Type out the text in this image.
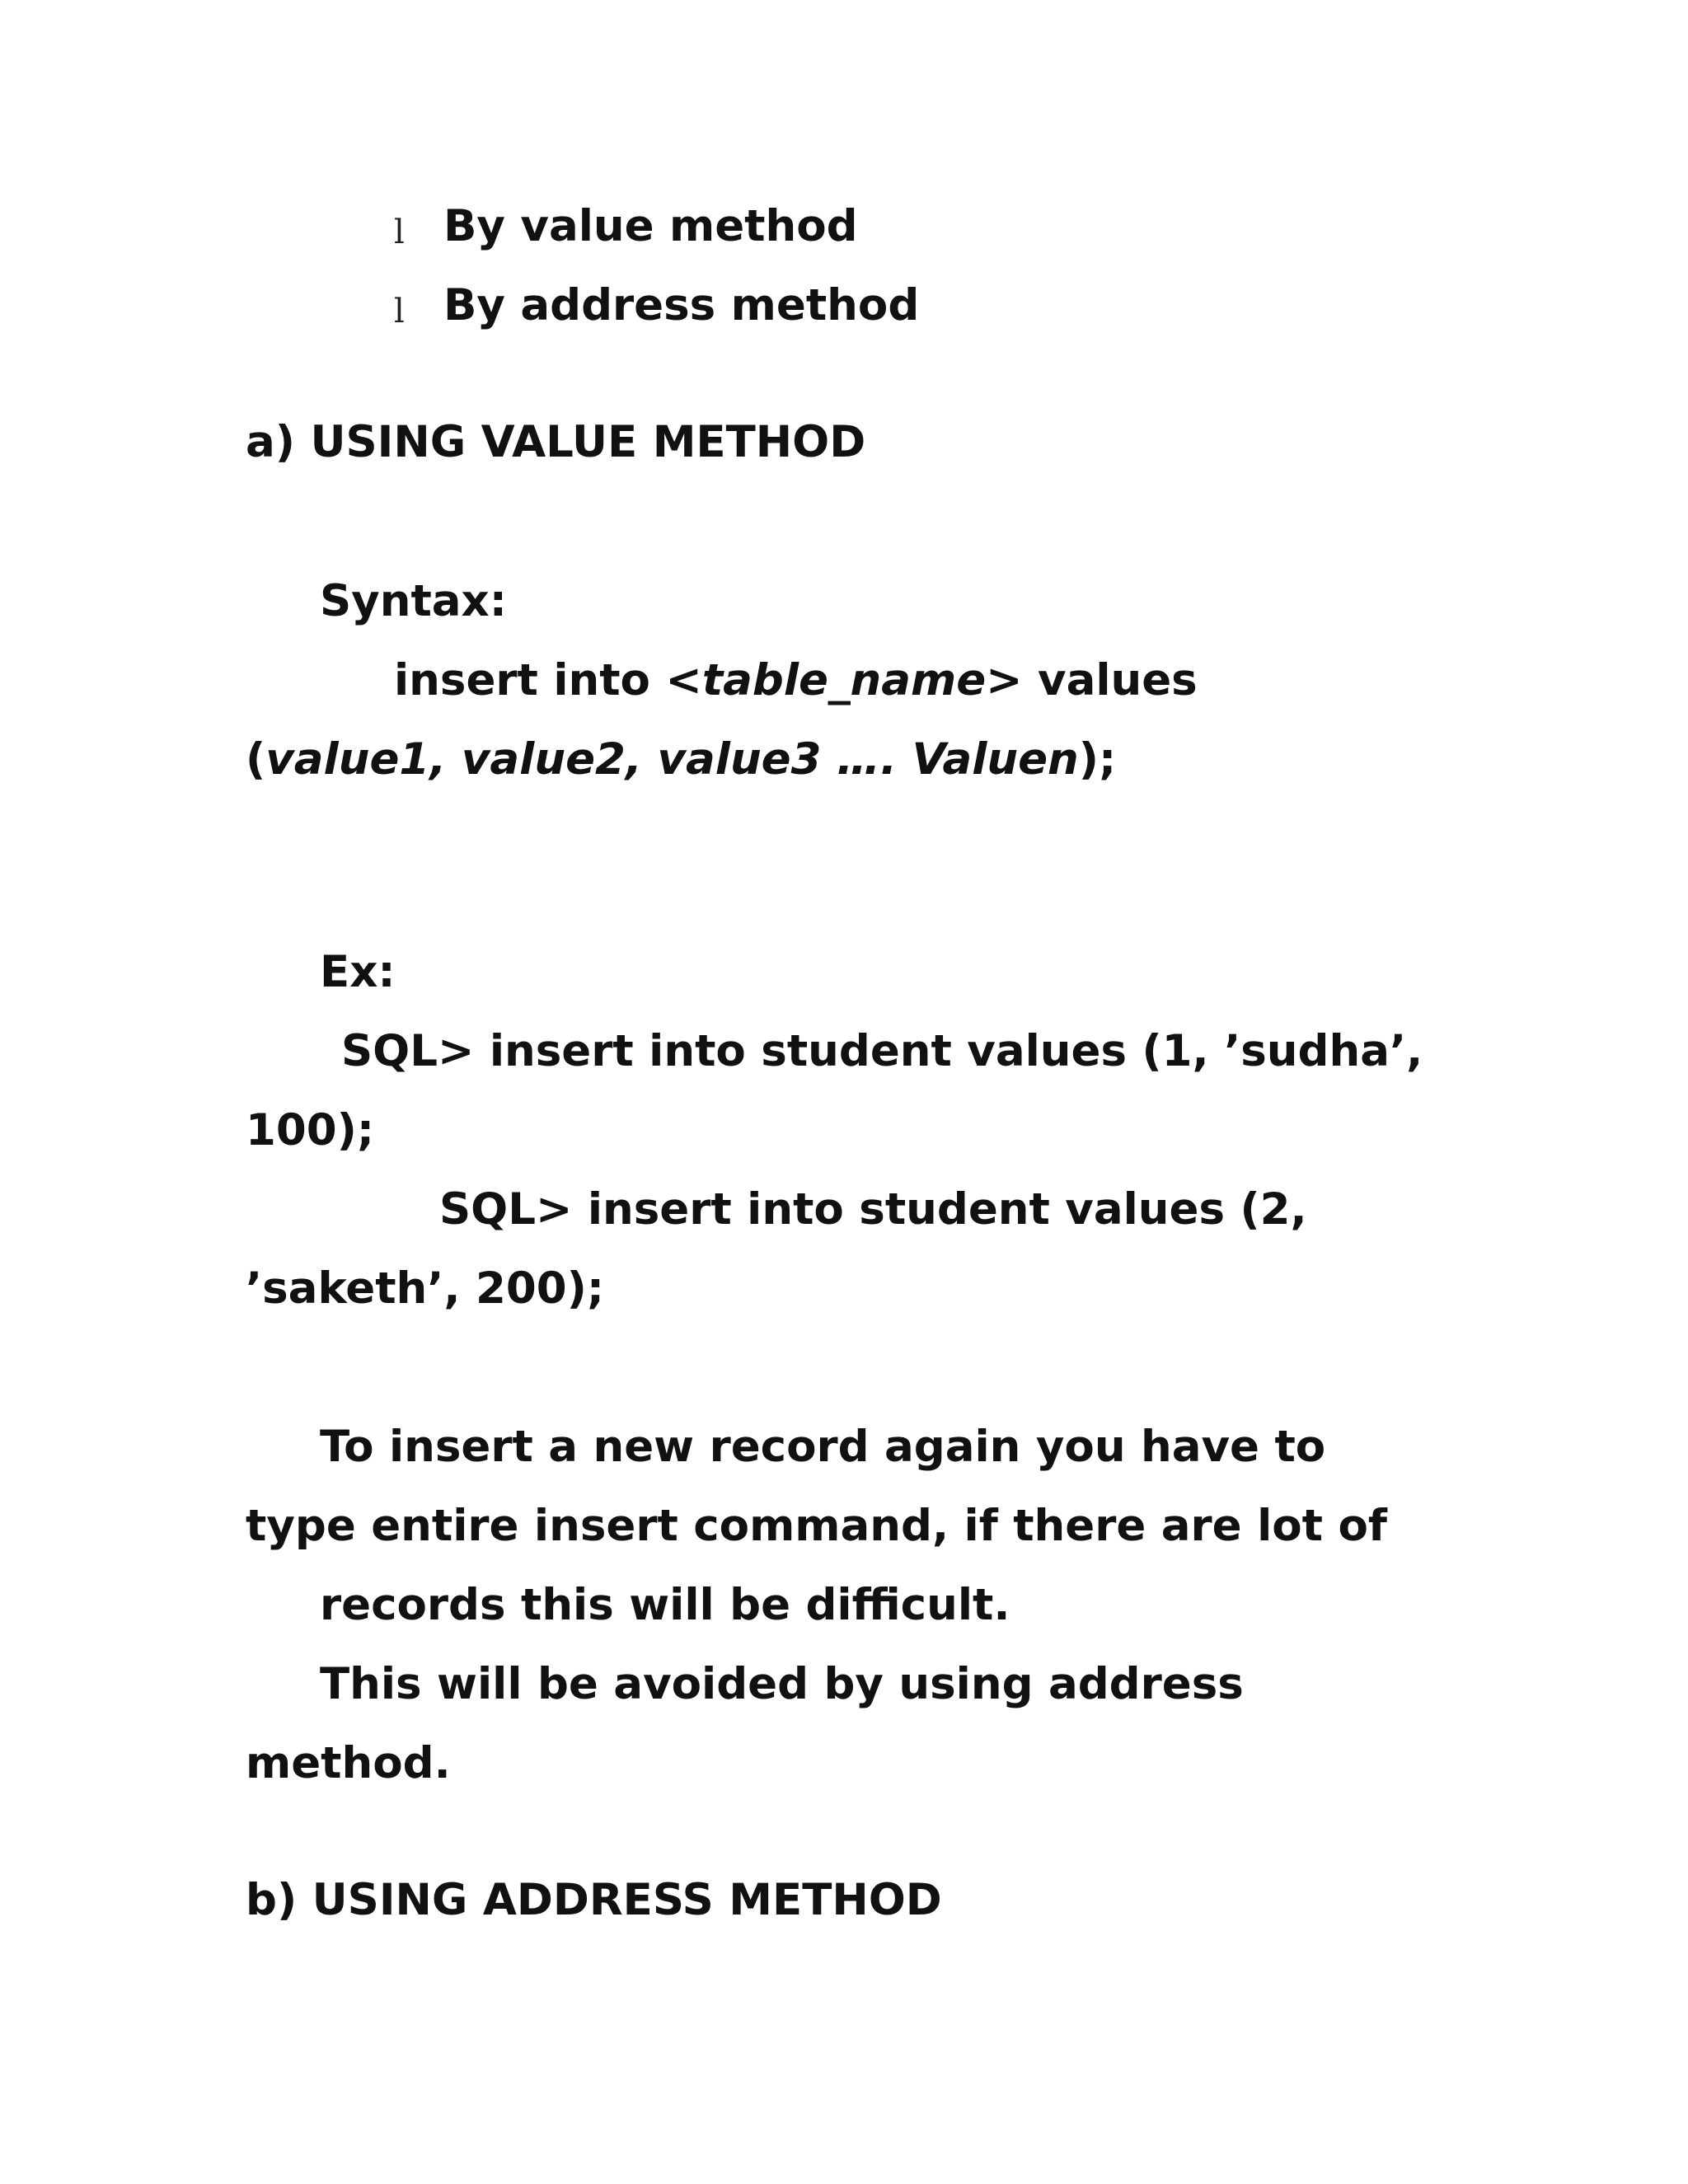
l By value method
l By address method
a) USING VALUE METHOD
Syntax:
insert into <table_name> values
(value1, value2, value3 …. Valuen);
Ex:
SQL> insert into student values (1, ’sudha’,
100);
SQL> insert into student values (2,
’saketh’, 200);
To insert a new record again you have to
type entire insert command, if there are lot of
records this will be difficult.
This will be avoided by using address
method.
b) USING ADDRESS METHOD
